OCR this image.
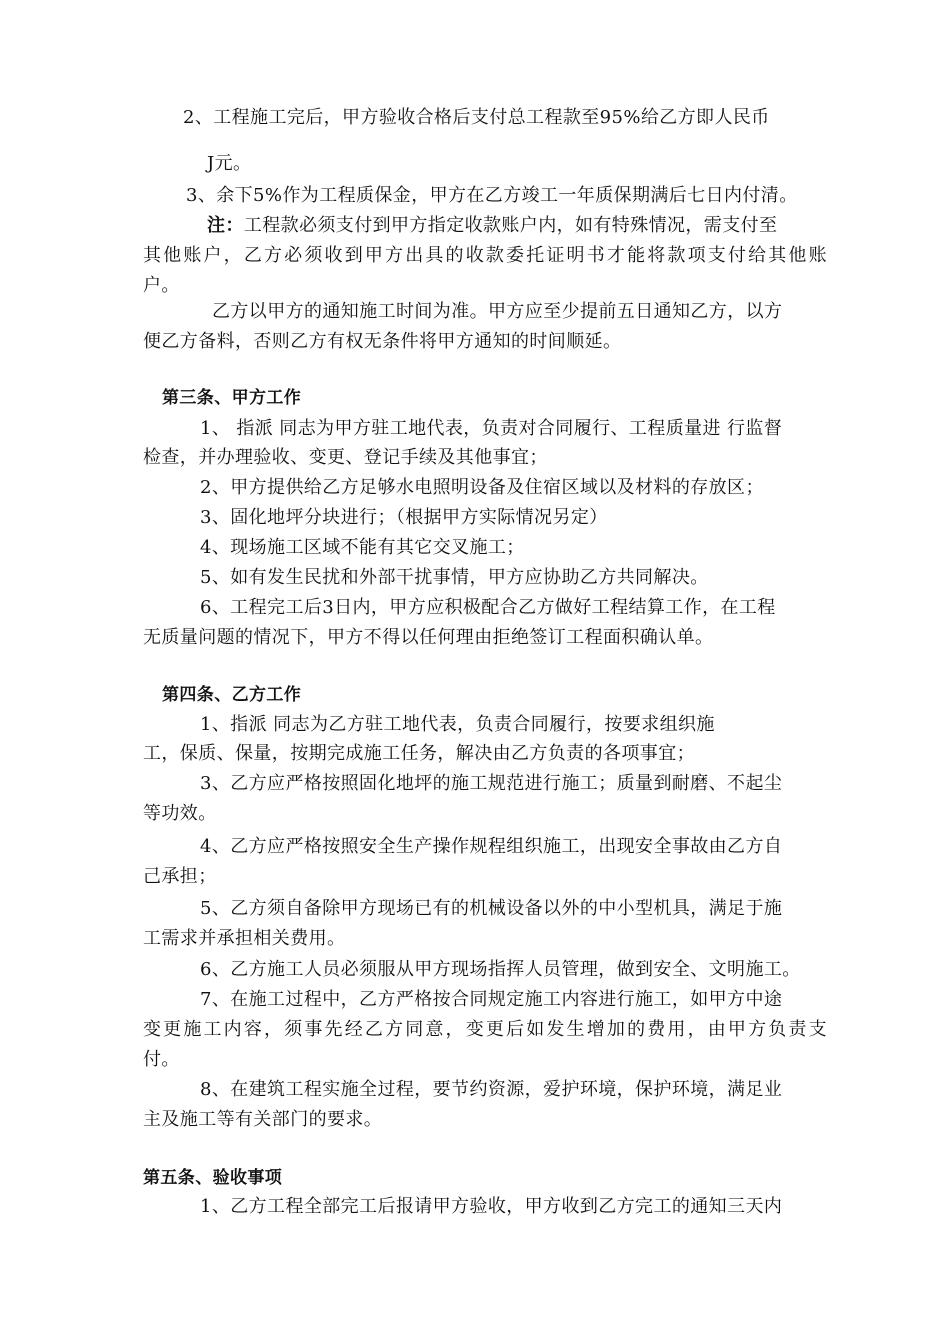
2、工程施工完后，甲方验收合格后支付总工程款至95%给乙方即人民币
J元。
3、余下5%作为工程质保金，甲方在乙方竣工一年质保期满后七日内付清。
注：工程款必须支付到甲方指定收款账户内，如有特殊情况，需支付至
其他账户，乙方必须收到甲方出具的收款委托证明书才能将款项支付给其他账
户。
乙方以甲方的通知施工时间为准。甲方应至少提前五日通知乙方，以方
便乙方备料，否则乙方有权无条件将甲方通知的时间顺延。
第三条、甲方工作
1、 指派 同志为甲方驻工地代表，负责对合同履行、工程质量进 行监督
检查，并办理验收、变更、登记手续及其他事宜；
2、甲方提供给乙方足够水电照明设备及住宿区域以及材料的存放区；
3、固化地坪分块进行；（根据甲方实际情况另定）
4、现场施工区域不能有其它交叉施工；
5、如有发生民扰和外部干扰事情，甲方应协助乙方共同解决。
6、工程完工后3日内，甲方应积极配合乙方做好工程结算工作，在工程
无质量问题的情况下，甲方不得以任何理由拒绝签订工程面积确认单。
第四条、乙方工作
1、指派 同志为乙方驻工地代表，负责合同履行，按要求组织施
工，保质、保量，按期完成施工任务，解决由乙方负责的各项事宜；
3、乙方应严格按照固化地坪的施工规范进行施工；质量到耐磨、不起尘
等功效。
4、乙方应严格按照安全生产操作规程组织施工，出现安全事故由乙方自
己承担；
5、乙方须自备除甲方现场已有的机械设备以外的中小型机具，满足于施
工需求并承担相关费用。
6、乙方施工人员必须服从甲方现场指挥人员管理，做到安全、文明施工。
7、在施工过程中，乙方严格按合同规定施工内容进行施工，如甲方中途
变更施工内容，须事先经乙方同意，变更后如发生增加的费用，由甲方负责支
付。
8、在建筑工程实施全过程，要节约资源，爱护环境，保护环境，满足业
主及施工等有关部门的要求。
第五条、验收事项
1、乙方工程全部完工后报请甲方验收，甲方收到乙方完工的通知三天内
